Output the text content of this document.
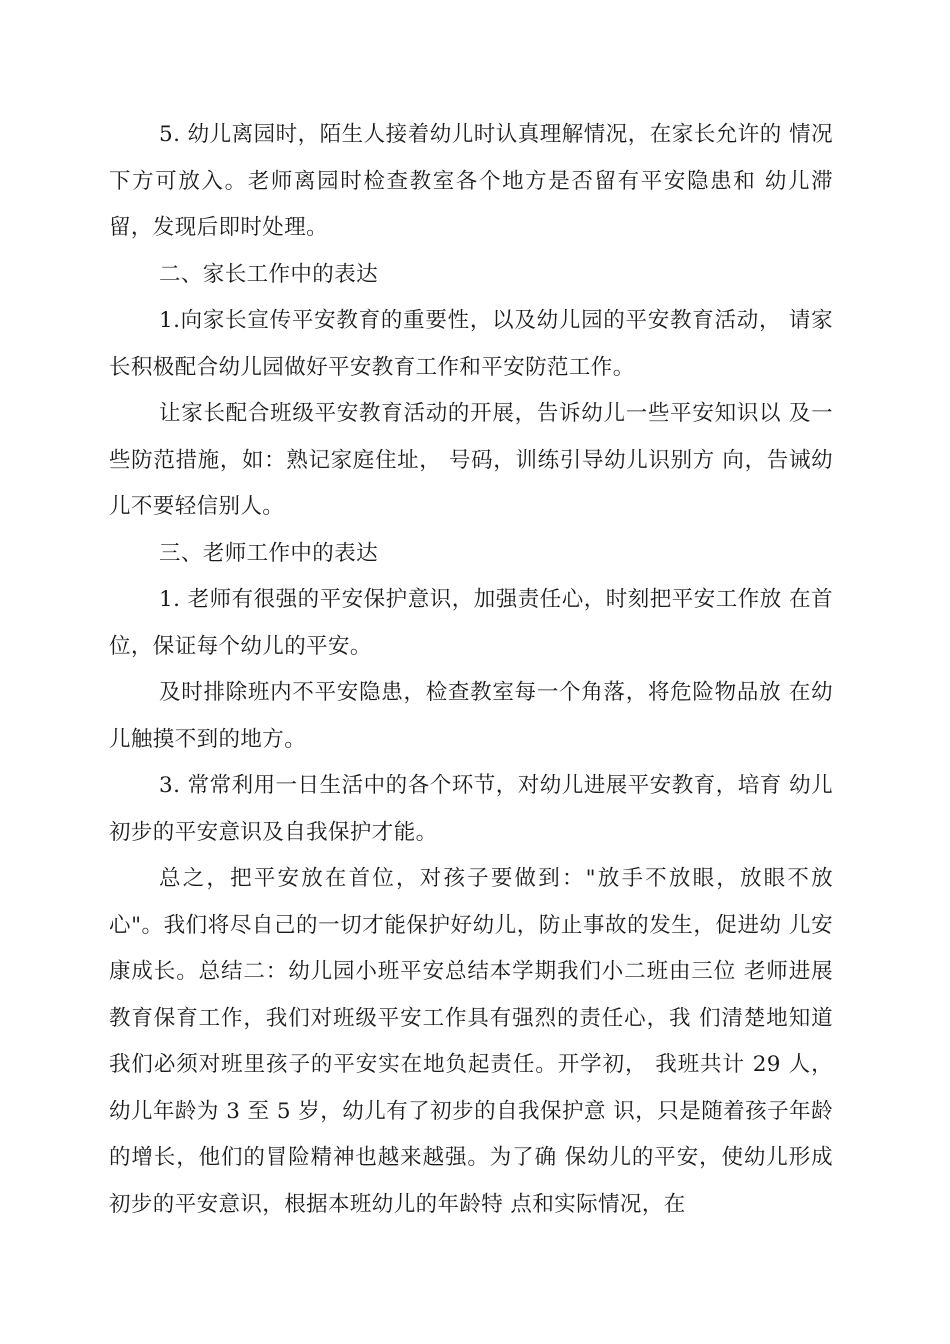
5. 幼儿离园时，陌生人接着幼儿时认真理解情况，在家长允许的 情况下方可放入。老师离园时检查教室各个地方是否留有平安隐患和 幼儿滞留，发现后即时处理。

二、家长工作中的表达

1.向家长宣传平安教育的重要性，以及幼儿园的平安教育活动， 请家长积极配合幼儿园做好平安教育工作和平安防范工作。

让家长配合班级平安教育活动的开展，告诉幼儿一些平安知识以 及一些防范措施，如：熟记家庭住址， 号码，训练引导幼儿识别方 向，告诫幼儿不要轻信别人。

三、老师工作中的表达

1. 老师有很强的平安保护意识，加强责任心，时刻把平安工作放 在首位，保证每个幼儿的平安。

及时排除班内不平安隐患，检查教室每一个角落，将危险物品放 在幼儿触摸不到的地方。

3. 常常利用一日生活中的各个环节，对幼儿进展平安教育，培育 幼儿初步的平安意识及自我保护才能。

总之，把平安放在首位，对孩子要做到："放手不放眼，放眼不放心"。我们将尽自己的一切才能保护好幼儿，防止事故的发生，促进幼 儿安康成长。总结二：幼儿园小班平安总结本学期我们小二班由三位 老师进展教育保育工作，我们对班级平安工作具有强烈的责任心，我 们清楚地知道我们必须对班里孩子的平安实在地负起责任。开学初， 我班共计 29 人，幼儿年龄为 3 至 5 岁，幼儿有了初步的自我保护意 识，只是随着孩子年龄的增长，他们的冒险精神也越来越强。为了确 保幼儿的平安，使幼儿形成初步的平安意识，根据本班幼儿的年龄特 点和实际情况，在
